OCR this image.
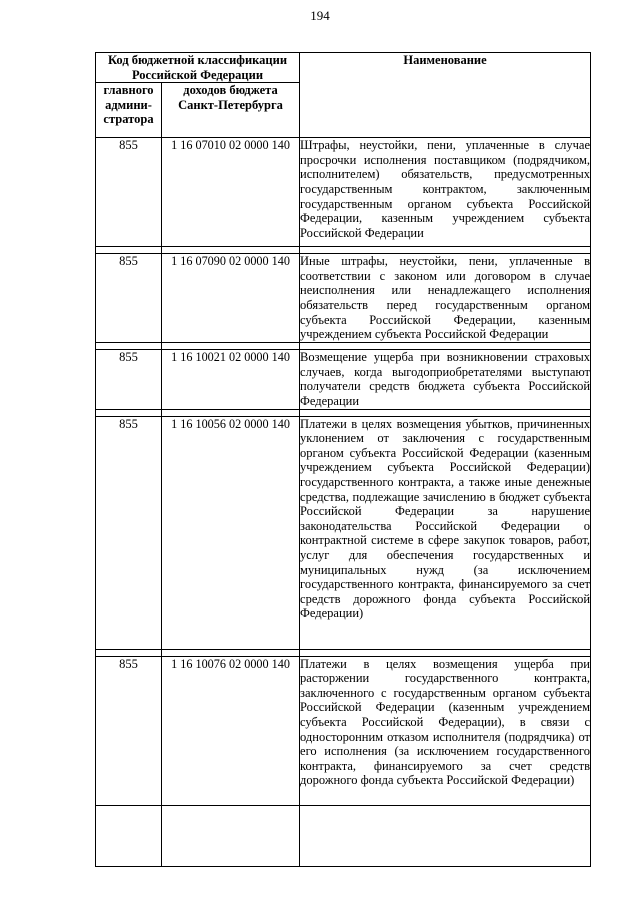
194
Код бюджетной классификации Российской Федерации		Наименование
главного админи-стратора	доходов бюджета Санкт-Петербурга	
855	1 16 07010 02 0000 140	Штрафы, неустойки, пени, уплаченные в случае просрочки исполнения поставщиком (подрядчиком, исполнителем) обязательств, предусмотренных государственным контрактом, заключенным государственным органом субъекта Российской Федерации, казенным учреждением субъекта Российской Федерации

855	1 16 07090 02 0000 140	Иные штрафы, неустойки, пени, уплаченные в соответствии с законом или договором в случае неисполнения или ненадлежащего исполнения обязательств перед государственным органом субъекта Российской Федерации, казенным учреждением субъекта Российской Федерации

855	1 16 10021 02 0000 140	Возмещение ущерба при возникновении страховых случаев, когда выгодоприобретателями выступают получатели средств бюджета субъекта Российской Федерации

855	1 16 10056 02 0000 140	Платежи в целях возмещения убытков, причиненных уклонением от заключения с государственным органом субъекта Российской Федерации (казенным учреждением субъекта Российской Федерации) государственного контракта, а также иные денежные средства, подлежащие зачислению в бюджет субъекта Российской Федерации за нарушение законодательства Российской Федерации о контрактной системе в сфере закупок товаров, работ, услуг для обеспечения государственных и муниципальных нужд (за исключением государственного контракта, финансируемого за счет средств дорожного фонда субъекта Российской Федерации)

855	1 16 10076 02 0000 140	Платежи в целях возмещения ущерба при расторжении государственного контракта, заключенного с государственным органом субъекта Российской Федерации (казенным учреждением субъекта Российской Федерации), в связи с односторонним отказом исполнителя (подрядчика) от его исполнения (за исключением государственного контракта, финансируемого за счет средств дорожного фонда субъекта Российской Федерации)
